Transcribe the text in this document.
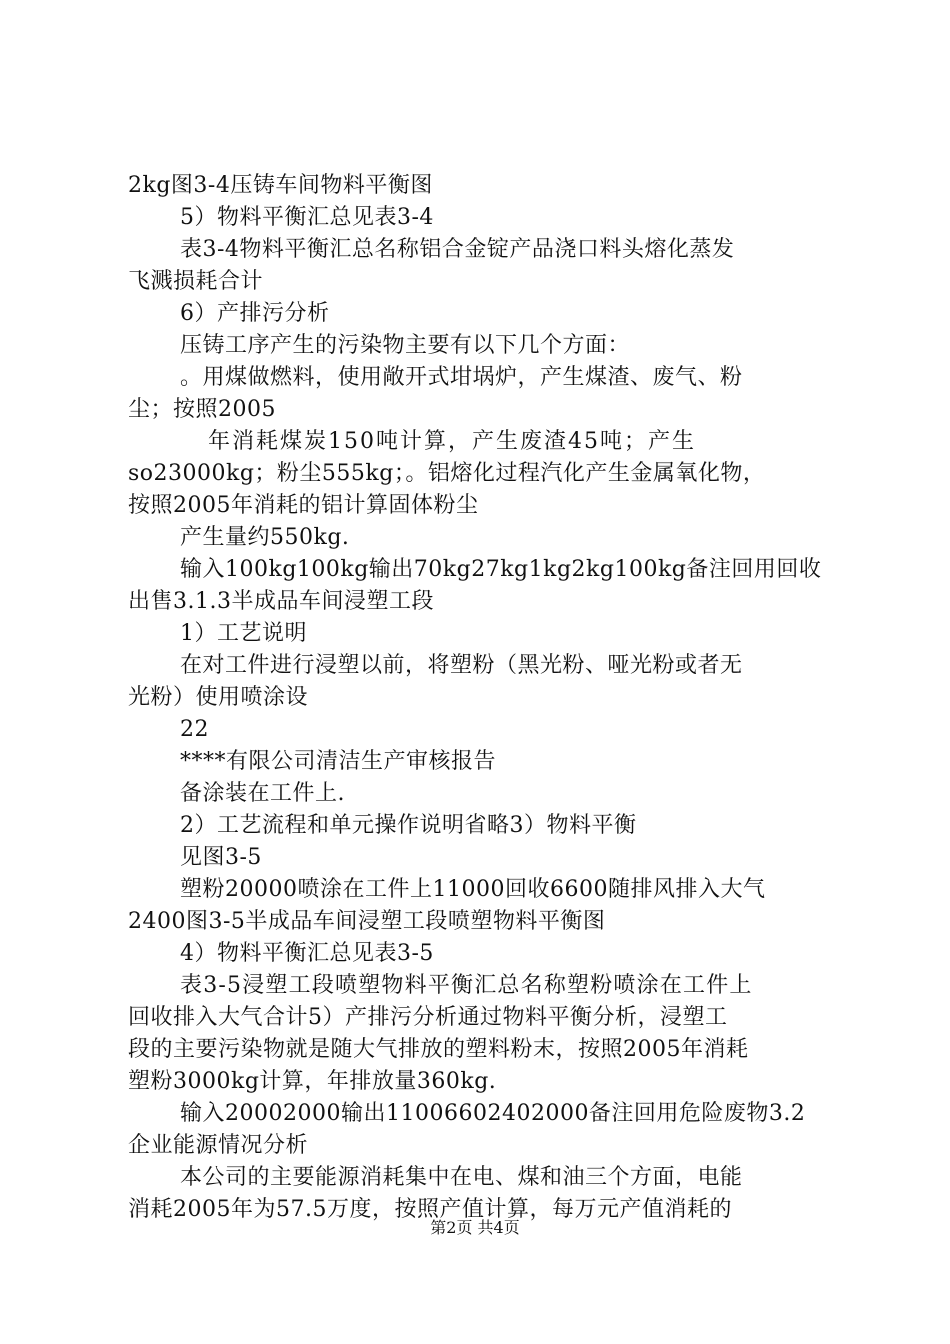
2kg图3-4压铸车间物料平衡图
5）物料平衡汇总见表3-4
表3-4物料平衡汇总名称铝合金锭产品浇口料头熔化蒸发
飞溅损耗合计
6）产排污分析
压铸工序产生的污染物主要有以下几个方面：
。用煤做燃料，使用敞开式坩埚炉，产生煤渣、废气、粉
尘；按照2005
年消耗煤炭150吨计算，产生废渣45吨；产生
so23000kg；粉尘555kg；。铝熔化过程汽化产生金属氧化物，
按照2005年消耗的铝计算固体粉尘
产生量约550kg.
输入100kg100kg输出70kg27kg1kg2kg100kg备注回用回收
出售3.1.3半成品车间浸塑工段
1）工艺说明
在对工件进行浸塑以前，将塑粉（黑光粉、哑光粉或者无
光粉）使用喷涂设
22
****有限公司清洁生产审核报告
备涂装在工件上.
2）工艺流程和单元操作说明省略3）物料平衡
见图3-5
塑粉20000喷涂在工件上11000回收6600随排风排入大气
2400图3-5半成品车间浸塑工段喷塑物料平衡图
4）物料平衡汇总见表3-5
表3-5浸塑工段喷塑物料平衡汇总名称塑粉喷涂在工件上
回收排入大气合计5）产排污分析通过物料平衡分析，浸塑工
段的主要污染物就是随大气排放的塑料粉末，按照2005年消耗
塑粉3000kg计算，年排放量360kg.
输入20002000输出11006602402000备注回用危险废物3.2
企业能源情况分析
本公司的主要能源消耗集中在电、煤和油三个方面，电能
消耗2005年为57.5万度，按照产值计算，每万元产值消耗的
第2页 共4页
